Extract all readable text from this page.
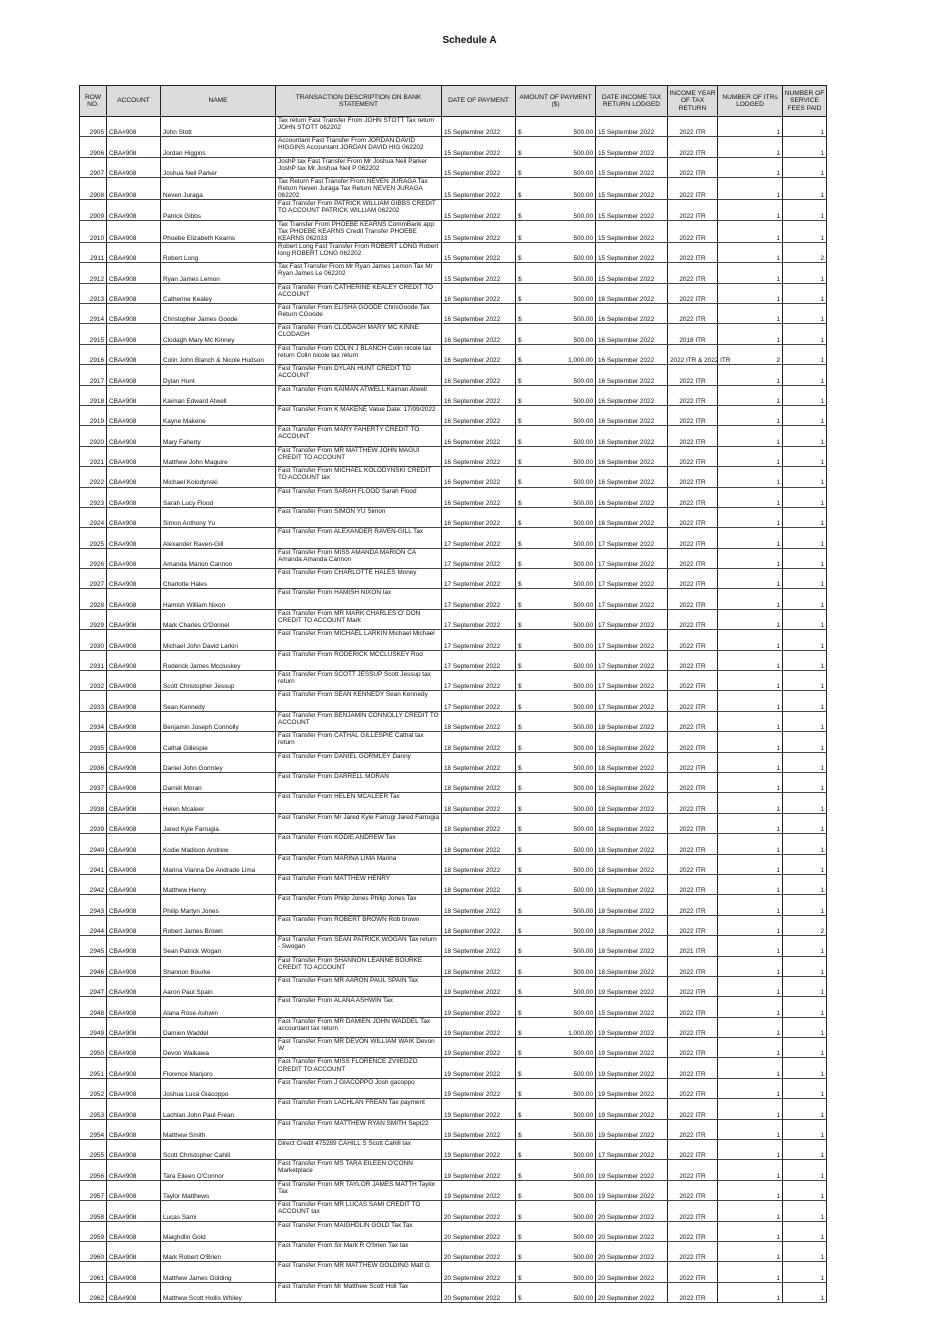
Schedule A
ROW NO.	ACCOUNT	NAME	TRANSACTION DESCRIPTION ON BANK STATEMENT	DATE OF PAYMENT	AMOUNT OF PAYMENT ($)	DATE INCOME TAX RETURN LODGED	INCOME YEAR OF TAX RETURN	NUMBER OF ITRs LODGED	NUMBER OF SERVICE FEES PAID
2905	CBA#908	John Stott	Tax return Fast Transfer From JOHN STOTT Tax return JOHN STOTT 062202	15 September 2022	$ 500.00	15 September 2022	2022 ITR	1	1
2906	CBA#908	Jordan Higgins	Accountant Fast Transfer From JORDAN DAVID HIGGINS Accountant JORDAN DAVID HIG 062202	15 September 2022	$ 500.00	15 September 2022	2022 ITR	1	1
2907	CBA#908	Joshua Neil Parker	JoshP tax Fast Transfer From Mr Joshua Neil Parker JoshP tax Mr Joshua Neil P 062202	15 September 2022	$ 500.00	15 September 2022	2022 ITR	1	1
2908	CBA#908	Neven Juraga	Tax Return Fast Transfer From NEVEN JURAGA Tax Return Neven Juraga Tax Return NEVEN JURAGA 062202	15 September 2022	$ 500.00	15 September 2022	2022 ITR	1	1
2909	CBA#908	Patrick Gibbs	Fast Transfer From PATRICK WILLIAM GIBBS CREDIT TO ACCOUNT PATRICK WILLIAM 062202	15 September 2022	$ 500.00	15 September 2022	2022 ITR	1	1
2910	CBA#908	Phoebe Elizabeth Kearns	Tax Transfer From PHOEBE KEARNS CommBank app Tax PHOEBE KEARNS Credit Transfer PHOEBE KEARNS 062033	15 September 2022	$ 500.00	15 September 2022	2022 ITR	1	1
2911	CBA#908	Robert Long	Robert Long Fast Transfer From ROBERT LONG Robert long ROBERT LONG 062202	15 September 2022	$ 500.00	15 September 2022	2022 ITR	1	2
2912	CBA#908	Ryan James Lemon	Tax Fast Transfer From Mr Ryan James Lemon Tax Mr Ryan James Le 062202	15 September 2022	$ 500.00	15 September 2022	2022 ITR	1	1
2913	CBA#908	Catherine Kealey	Fast Transfer From CATHERINE KEALEY CREDIT TO ACCOUNT	16 September 2022	$ 500.00	16 September 2022	2022 ITR	1	1
2914	CBA#908	Christopher James Goode	Fast Transfer From ELISHA GOODE ChrisGoode Tax Return CGoode	16 September 2022	$ 500.00	16 September 2022	2022 ITR	1	1
2915	CBA#908	Clodagh Mary Mc Kinney	Fast Transfer From CLODAGH MARY MC KINNE CLODAGH	16 September 2022	$ 500.00	16 September 2022	2018 ITR	1	1
2916	CBA#908	Colin John Blanch & Nicole Hudson	Fast Transfer From COLIN J BLANCH Colin nicole tax return Colin nicole tax return	16 September 2022	$ 1,000.00	16 September 2022	2022 ITR & 2022 ITR	2	1
2917	CBA#908	Dylan Hunt	Fast Transfer From DYLAN HUNT CREDIT TO ACCOUNT	16 September 2022	$ 500.00	16 September 2022	2022 ITR	1	1
2918	CBA#908	Kaiman Edward Atwell	Fast Transfer From KAIMAN ATWELL Kaiman Atwell	16 September 2022	$ 500.00	16 September 2022	2022 ITR	1	1
2919	CBA#908	Kayne Makene	Fast Transfer From K MAKENE Value Date: 17/09/2022	16 September 2022	$ 500.00	16 September 2022	2022 ITR	1	1
2920	CBA#908	Mary Faherty	Fast Transfer From MARY FAHERTY CREDIT TO ACCOUNT	16 September 2022	$ 500.00	16 September 2022	2022 ITR	1	1
2921	CBA#908	Matthew John Maguire	Fast Transfer From MR MATTHEW JOHN MAGUI CREDIT TO ACCOUNT	16 September 2022	$ 500.00	16 September 2022	2022 ITR	1	1
2922	CBA#908	Michael Kolodynski	Fast Transfer From MICHAEL KOLODYNSKI CREDIT TO ACCOUNT tax	16 September 2022	$ 500.00	16 September 2022	2022 ITR	1	1
2923	CBA#908	Sarah Lucy Flood	Fast Transfer From SARAH FLOOD Sarah Flood	16 September 2022	$ 500.00	16 September 2022	2022 ITR	1	1
2924	CBA#908	Simon Anthony Yu	Fast Transfer From SIMON YU Simon	16 September 2022	$ 500.00	16 September 2022	2022 ITR	1	1
2925	CBA#908	Alexander Raven-Gill	Fast Transfer From ALEXANDER RAVEN-GILL Tax	17 September 2022	$ 500.00	17 September 2022	2022 ITR	1	1
2926	CBA#908	Amanda Marion Cannon	Fast Transfer From MISS AMANDA MARION CA Amanda Amanda Cannon	17 September 2022	$ 500.00	17 September 2022	2022 ITR	1	1
2927	CBA#908	Charlotte Hales	Fast Transfer From CHARLOTTE HALES Money	17 September 2022	$ 500.00	17 September 2022	2022 ITR	1	1
2928	CBA#908	Hamish William Nixon	Fast Transfer From HAMISH NIXON tax	17 September 2022	$ 500.00	17 September 2022	2022 ITR	1	1
2929	CBA#908	Mark Charles O'Donnel	Fast Transfer From MR MARK CHARLES O' DON CREDIT TO ACCOUNT Mark	17 September 2022	$ 500.00	17 September 2022	2022 ITR	1	1
2930	CBA#908	Michael John David Larkin	Fast Transfer From MICHAEL LARKIN Michael Michael	17 September 2022	$ 500.00	17 September 2022	2022 ITR	1	1
2931	CBA#908	Roderick James Mccluskey	Fast Transfer From RODERICK MCCLUSKEY Rod	17 September 2022	$ 500.00	17 September 2022	2022 ITR	1	1
2932	CBA#908	Scott Christopher Jessup	Fast Transfer From SCOTT JESSUP Scott Jessup tax return	17 September 2022	$ 500.00	17 September 2022	2022 ITR	1	1
2933	CBA#908	Sean Kennedy	Fast Transfer From SEAN KENNEDY Sean Kennedy	17 September 2022	$ 500.00	17 September 2022	2022 ITR	1	1
2934	CBA#908	Benjamin Joseph Connolly	Fast Transfer From BENJAMIN CONNOLLY CREDIT TO ACCOUNT	18 September 2022	$ 500.00	18 September 2022	2022 ITR	1	1
2935	CBA#908	Cathal Gillespie	Fast Transfer From CATHAL GILLESPIE Cathal tax return	18 September 2022	$ 500.00	18 September 2022	2022 ITR	1	1
2936	CBA#908	Daniel John Gormley	Fast Transfer From DANIEL GORMLEY Danny	18 September 2022	$ 500.00	18 September 2022	2022 ITR	1	1
2937	CBA#908	Darrell Moran	Fast Transfer From DARRELL MORAN	18 September 2022	$ 500.00	18 September 2022	2022 ITR	1	1
2938	CBA#908	Helen Mcaleer	Fast Transfer From HELEN MCALEER Tax	18 September 2022	$ 500.00	18 September 2022	2022 ITR	1	1
2939	CBA#908	Jared Kyle Farrugia	Fast Transfer From Mr Jared Kyle Farrugi Jared Farrugia	18 September 2022	$ 500.00	18 September 2022	2022 ITR	1	1
2940	CBA#908	Kodie Madison Andrew	Fast Transfer From KODIE ANDREW Tax	18 September 2022	$ 500.00	18 September 2022	2022 ITR	1	1
2941	CBA#908	Marina Vianna De Andrade Lima	Fast Transfer From MARINA LIMA Marina	18 September 2022	$ 500.00	18 September 2022	2022 ITR	1	1
2942	CBA#908	Matthew Henry	Fast Transfer From MATTHEW HENRY	18 September 2022	$ 500.00	18 September 2022	2022 ITR	1	1
2943	CBA#908	Philip Martyn Jones	Fast Transfer From Philip Jones Philip Jones Tax	18 September 2022	$ 500.00	18 September 2022	2022 ITR	1	1
2944	CBA#908	Robert James Brown	Fast Transfer From ROBERT BROWN Rob brown	18 September 2022	$ 500.00	18 September 2022	2022 ITR	1	2
2945	CBA#908	Sean Patrick Wogan	Fast Transfer From SEAN PATRICK WOGAN Tax return - Swogan	18 September 2022	$ 500.00	18 September 2022	2021 ITR	1	1
2946	CBA#908	Shannon Bourke	Fast Transfer From SHANNON LEANNE BOURKE CREDIT TO ACCOUNT	18 September 2022	$ 500.00	18 September 2022	2022 ITR	1	1
2947	CBA#908	Aaron Paul Spain	Fast Transfer From MR AARON PAUL SPAIN Tax	19 September 2022	$ 500.00	19 September 2022	2022 ITR	1	1
2948	CBA#908	Alana Rose Ashwin	Fast Transfer From ALANA ASHWIN Tax	19 September 2022	$ 500.00	15 September 2022	2022 ITR	1	1
2949	CBA#908	Damien Waddel	Fast Transfer From MR DAMIEN JOHN WADDEL Tax accountant tax return	19 September 2022	$ 1,000.00	19 September 2022	2022 ITR	1	1
2950	CBA#908	Devon Waikawa	Fast Transfer From MR DEVON WILLIAM WAIK Devon W	19 September 2022	$ 500.00	19 September 2022	2022 ITR	1	1
2951	CBA#908	Florence Manjoro	Fast Transfer From MISS FLORENCE ZVIIEDZO CREDIT TO ACCOUNT	19 September 2022	$ 500.00	19 September 2022	2022 ITR	1	1
2952	CBA#908	Joshua Luca Giacoppo	Fast Transfer From J GIACOPPO Josh gacoppo	19 September 2022	$ 500.00	19 September 2022	2022 ITR	1	1
2953	CBA#908	Lachlan John Paul Frean	Fast Transfer From LACHLAN FREAN Tax payment	19 September 2022	$ 500.00	19 September 2022	2022 ITR	1	1
2954	CBA#908	Matthew Smith	Fast Transfer From MATTHEW RYAN SMITH Sept22	19 September 2022	$ 500.00	19 September 2022	2022 ITR	1	1
2955	CBA#908	Scott Christopher Cahill	Direct Credit 475289 CAHILL S Scott Cahill tax	19 September 2022	$ 500.00	17 September 2022	2022 ITR	1	1
2956	CBA#908	Tara Eileen O'Connor	Fast Transfer From MS TARA EILEEN O'CONN Marketplace	19 September 2022	$ 500.00	19 September 2022	2022 ITR	1	1
2957	CBA#908	Taylor Matthews	Fast Transfer From MR TAYLOR JAMES MATTH Taylor Tax	19 September 2022	$ 500.00	19 September 2022	2022 ITR	1	1
2958	CBA#908	Lucas Sami	Fast Transfer From MR LUCAS SAMI CREDIT TO ACCOUNT tax	20 September 2022	$ 500.00	20 September 2022	2022 ITR	1	1
2959	CBA#908	Maighdlin Gold	Fast Transfer From MAIGHDLIN GOLD Tax Tax	20 September 2022	$ 500.00	20 September 2022	2022 ITR	1	1
2960	CBA#908	Mark Robert O'Brien	Fast Transfer From Sir Mark R O'brien Tax tax	20 September 2022	$ 500.00	20 September 2022	2022 ITR	1	1
2961	CBA#908	Matthew James Golding	Fast Transfer From MR MATTHEW GOLDING Matt G	20 September 2022	$ 500.00	20 September 2022	2022 ITR	1	1
2962	CBA#908	Matthew Scott Hollis Whiley	Fast Transfer From Mr Matthew Scott Holl Tax	20 September 2022	$ 500.00	20 September 2022	2022 ITR	1	1
